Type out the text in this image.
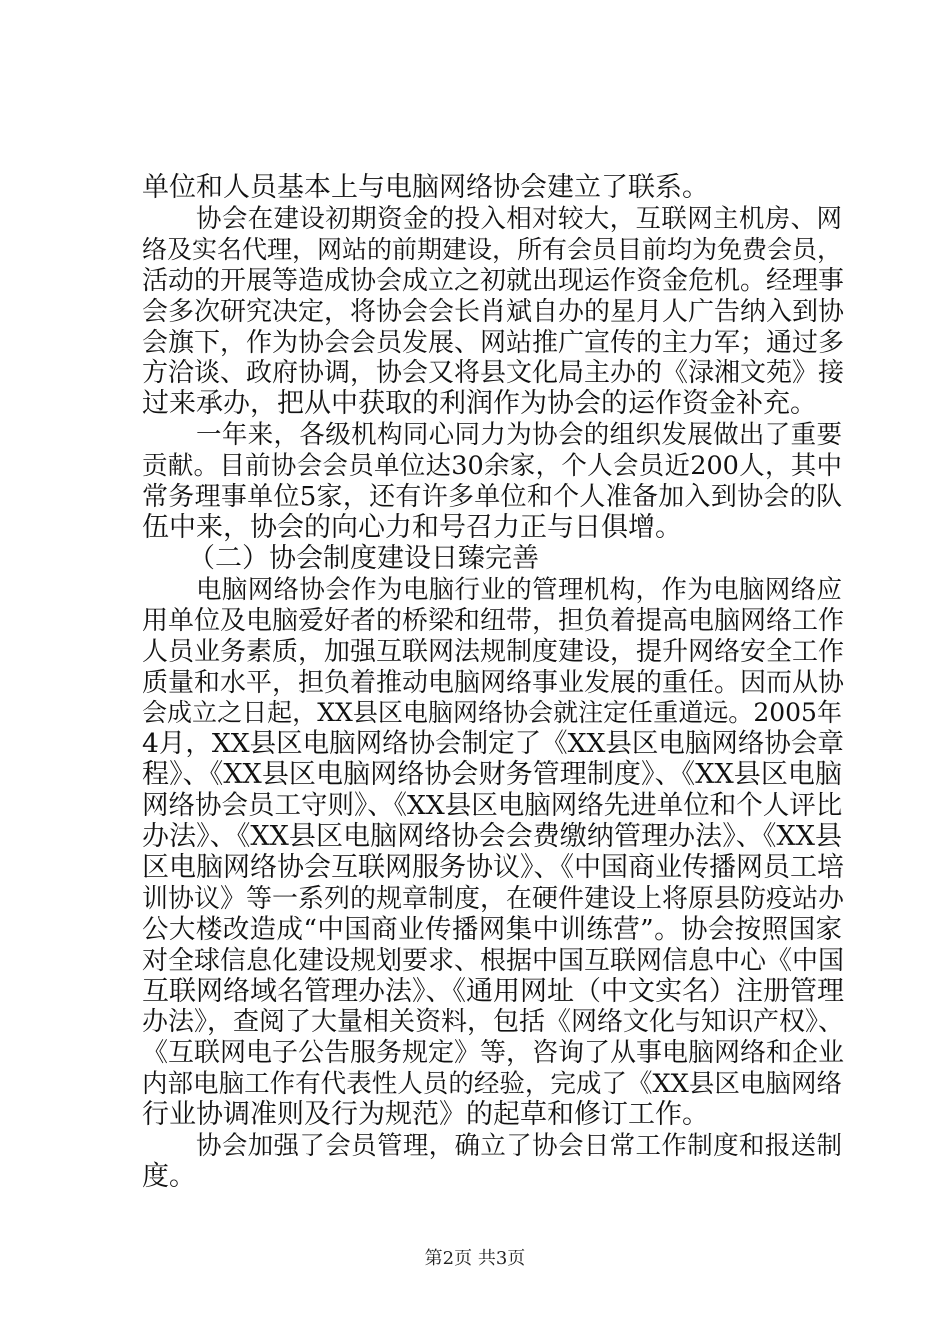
单位和人员基本上与电脑网络协会建立了联系。
协会在建设初期资金的投入相对较大，互联网主机房、网
络及实名代理，网站的前期建设，所有会员目前均为免费会员，
活动的开展等造成协会成立之初就出现运作资金危机。经理事
会多次研究决定，将协会会长肖斌自办的星月人广告纳入到协
会旗下，作为协会会员发展、网站推广宣传的主力军；通过多
方洽谈、政府协调，协会又将县文化局主办的《渌湘文苑》接
过来承办，把从中获取的利润作为协会的运作资金补充。
一年来，各级机构同心同力为协会的组织发展做出了重要
贡献。目前协会会员单位达30余家，个人会员近200人，其中
常务理事单位5家，还有许多单位和个人准备加入到协会的队
伍中来，协会的向心力和号召力正与日俱增。
（二）协会制度建设日臻完善
电脑网络协会作为电脑行业的管理机构，作为电脑网络应
用单位及电脑爱好者的桥梁和纽带，担负着提高电脑网络工作
人员业务素质，加强互联网法规制度建设，提升网络安全工作
质量和水平，担负着推动电脑网络事业发展的重任。因而从协
会成立之日起，XX县区电脑网络协会就注定任重道远。2005年
4月，XX县区电脑网络协会制定了《XX县区电脑网络协会章
程》、《XX县区电脑网络协会财务管理制度》、《XX县区电脑
网络协会员工守则》、《XX县区电脑网络先进单位和个人评比
办法》、《XX县区电脑网络协会会费缴纳管理办法》、《XX县
区电脑网络协会互联网服务协议》、《中国商业传播网员工培
训协议》等一系列的规章制度，在硬件建设上将原县防疫站办
公大楼改造成“中国商业传播网集中训练营”。协会按照国家
对全球信息化建设规划要求、根据中国互联网信息中心《中国
互联网络域名管理办法》、《通用网址（中文实名）注册管理
办法》，查阅了大量相关资料，包括《网络文化与知识产权》、
《互联网电子公告服务规定》等，咨询了从事电脑网络和企业
内部电脑工作有代表性人员的经验，完成了《XX县区电脑网络
行业协调准则及行为规范》的起草和修订工作。
协会加强了会员管理，确立了协会日常工作制度和报送制
度。
第2页 共3页
